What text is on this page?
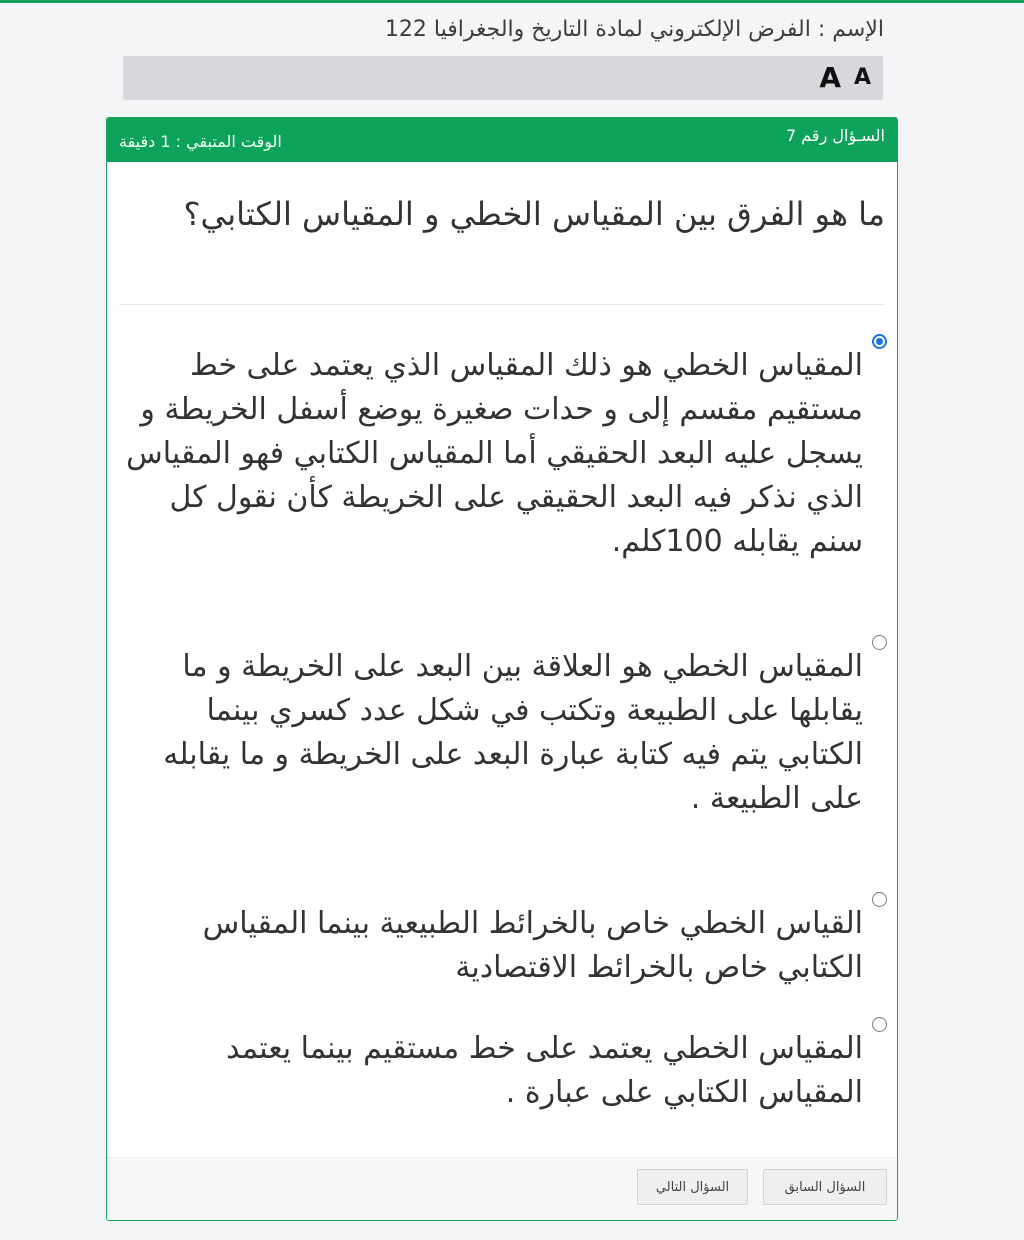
الإسم : الفرض الإلكتروني لمادة التاريخ والجغرافيا 122
A
A
السـؤال رقم 7
الوقت المتبقي : 1 دقيقة
ما هو الفرق بين المقياس الخطي و المقياس الكتابي؟
المقياس الخطي هو ذلك المقياس الذي يعتمد على خط مستقيم مقسم إلى و حدات صغيرة يوضع أسفل الخريطة و يسجل عليه البعد الحقيقي أما المقياس الكتابي فهو المقياس الذي نذكر فيه البعد الحقيقي على الخريطة كأن نقول كل سنم يقابله 100كلم.
المقياس الخطي هو العلاقة بين البعد على الخريطة و ما يقابلها على الطبيعة وتكتب في شكل عدد كسري بينما الكتابي يتم فيه كتابة عبارة البعد على الخريطة و ما يقابله على الطبيعة .
القياس الخطي خاص بالخرائط الطبيعية بينما المقياس الكتابي خاص بالخرائط الاقتصادية
المقياس الخطي يعتمد على خط مستقيم بينما يعتمد المقياس الكتابي على عبارة .
السؤال السابق
السؤال التالي
